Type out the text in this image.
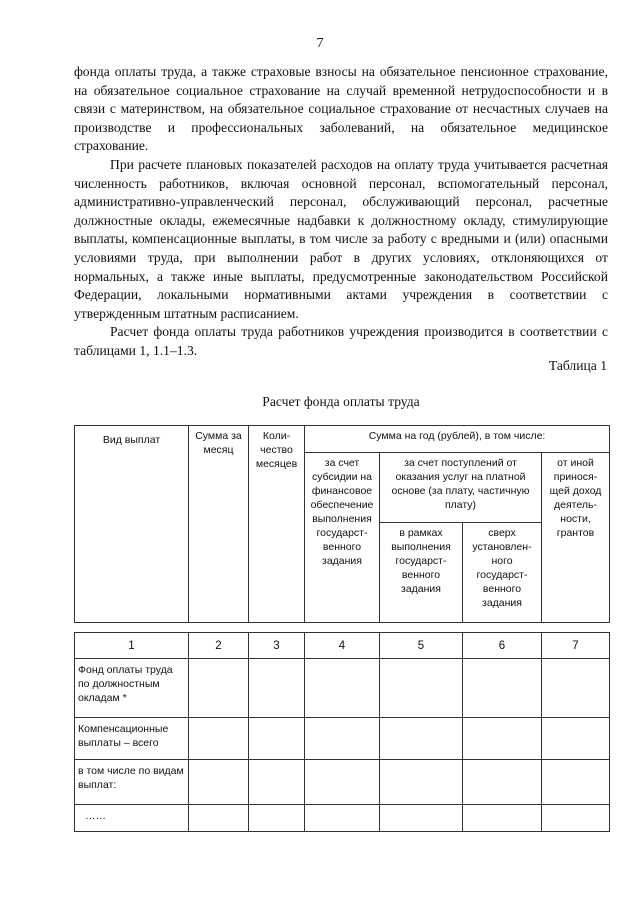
7

фонда оплаты труда, а также страховые взносы на обязательное пенсионное страхование, на обязательное социальное страхование на случай временной нетрудоспособности и в связи с материнством, на обязательное социальное страхование от несчастных случаев на производстве и профессиональных заболеваний, на обязательное медицинское страхование.

При расчете плановых показателей расходов на оплату труда учитывается расчетная численность работников, включая основной персонал, вспомогательный персонал, административно-управленческий персонал, обслуживающий персонал, расчетные должностные оклады, ежемесячные надбавки к должностному окладу, стимулирующие выплаты, компенсационные выплаты, в том числе за работу с вредными и (или) опасными условиями труда, при выполнении работ в других условиях, отклоняющихся от нормальных, а также иные выплаты, предусмотренные законодательством Российской Федерации, локальными нормативными актами учреждения в соответствии с утвержденным штатным расписанием.

Расчет фонда оплаты труда работников учреждения производится в соответствии с таблицами 1, 1.1–1.3.

Таблица 1
Расчет фонда оплаты труда
Вид выплат	Сумма за месяц	Коли-чество месяцев	Сумма на год (рублей), в том числе:			
			за счет субсидии на финансовое обеспечение выполнения государст-венного задания	за счет поступлений от оказания услуг на платной основе (за плату, частичную плату)		от иной принося-щей доход деятель-ности, грантов
				в рамках выполнения государст-венного задания	сверх установлен-ного государст-венного задания	
1	2	3	4	5	6	7
Фонд оплаты труда по должностным окладам *						
Компенсационные выплаты – всего						
в том числе по видам выплат:						
……						
